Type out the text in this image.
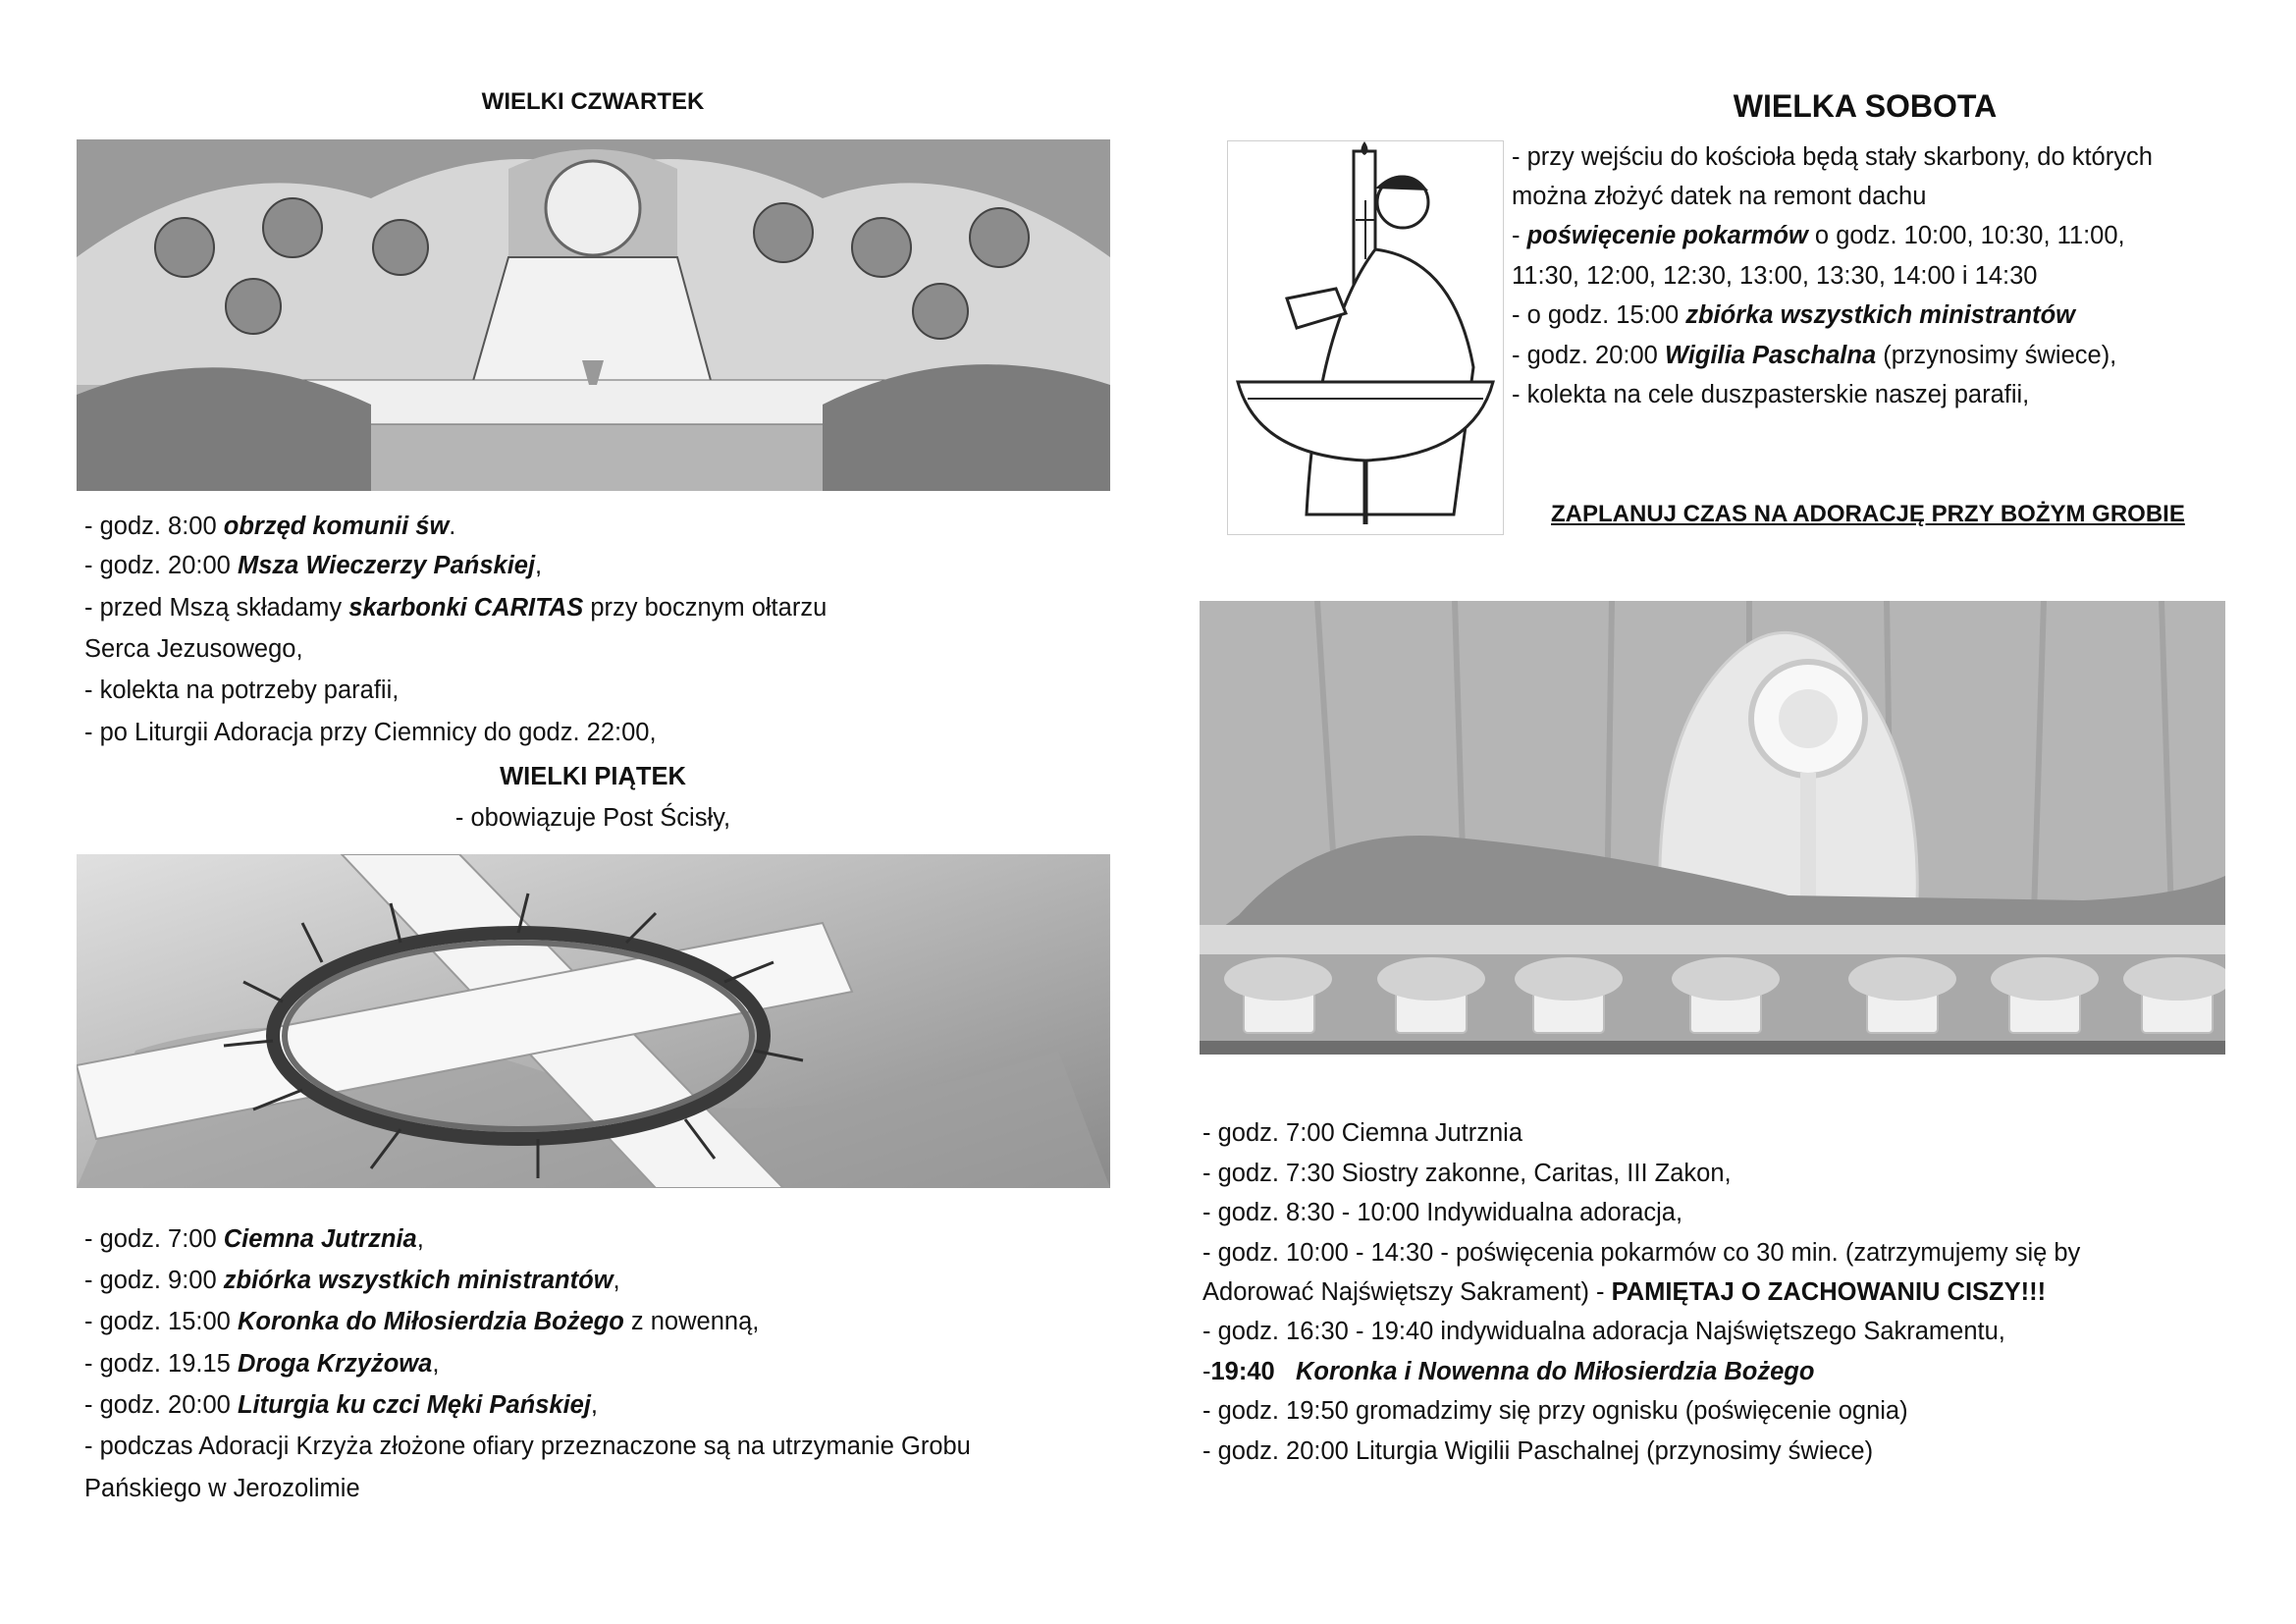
WIELKI CZWARTEK
- godz. 8:00 obrzęd komunii św.
- godz. 20:00 Msza Wieczerzy Pańskiej,
- przed Mszą składamy skarbonki CARITAS przy bocznym ołtarzu
Serca Jezusowego,
- kolekta na potrzeby parafii,
- po Liturgii Adoracja przy Ciemnicy do godz. 22:00,
WIELKI PIĄTEK
- obowiązuje Post Ścisły,
- godz. 7:00 Ciemna Jutrznia,
- godz. 9:00 zbiórka wszystkich ministrantów,
- godz. 15:00 Koronka do Miłosierdzia Bożego z nowenną,
- godz. 19.15 Droga Krzyżowa,
- godz. 20:00 Liturgia ku czci Męki Pańskiej,
- podczas Adoracji Krzyża złożone ofiary przeznaczone są na utrzymanie Grobu
Pańskiego w Jerozolimie
WIELKA SOBOTA
- przy wejściu do kościoła będą stały skarbony, do których
można złożyć datek na remont dachu
- poświęcenie pokarmów o godz. 10:00, 10:30, 11:00,
11:30, 12:00, 12:30, 13:00, 13:30, 14:00 i 14:30
- o godz. 15:00 zbiórka wszystkich ministrantów
- godz. 20:00 Wigilia Paschalna (przynosimy świece),
- kolekta na cele duszpasterskie naszej parafii,
ZAPLANUJ CZAS NA ADORACJĘ PRZY BOŻYM GROBIE
- godz. 7:00 Ciemna Jutrznia
- godz. 7:30 Siostry zakonne, Caritas, III Zakon,
- godz. 8:30 - 10:00 Indywidualna adoracja,
- godz. 10:00 - 14:30 - poświęcenia pokarmów co 30 min. (zatrzymujemy się by
Adorować Najświętszy Sakrament) - PAMIĘTAJ O ZACHOWANIU CISZY!!!
- godz. 16:30 - 19:40 indywidualna adoracja Najświętszego Sakramentu,
-19:40   Koronka i Nowenna do Miłosierdzia Bożego
- godz. 19:50 gromadzimy się przy ognisku (poświęcenie ognia)
- godz. 20:00 Liturgia Wigilii Paschalnej (przynosimy świece)
